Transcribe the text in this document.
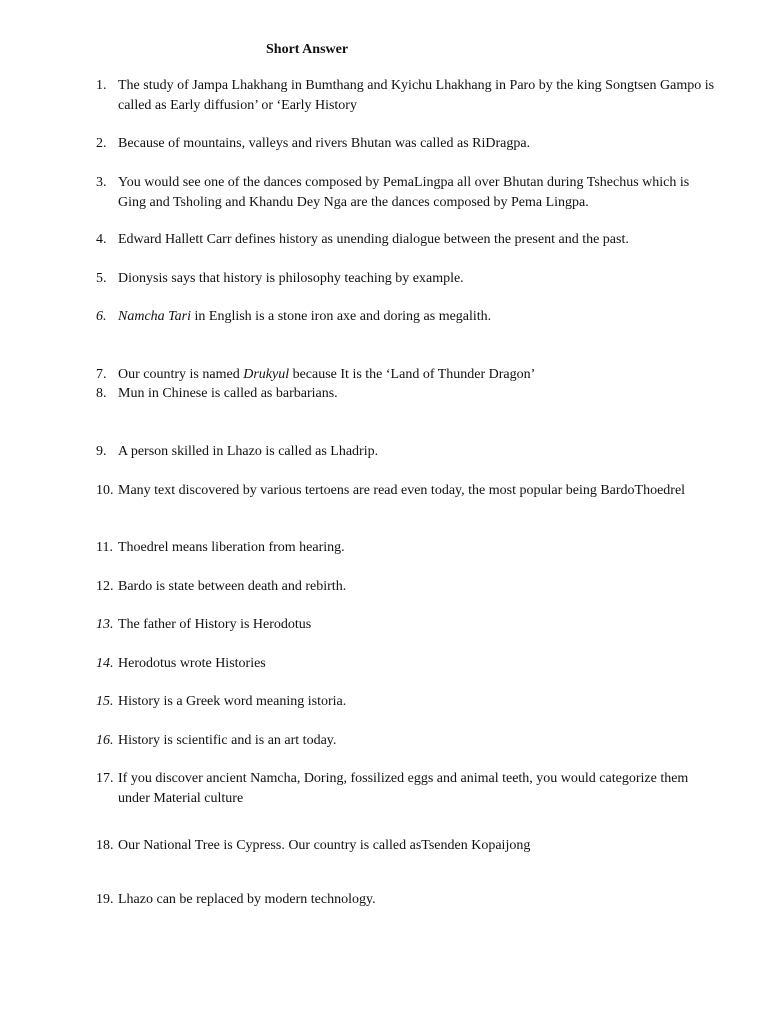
Short Answer
1. The study of Jampa Lhakhang in Bumthang and Kyichu Lhakhang in Paro by the king Songtsen Gampo is called as Early diffusion’ or ‘Early History
2. Because of mountains, valleys and rivers Bhutan was called as RiDragpa.
3. You would see one of the dances composed by PemaLingpa all over Bhutan during Tshechus which is Ging and Tsholing and Khandu Dey Nga are the dances composed by Pema Lingpa.
4. Edward Hallett Carr defines history as unending dialogue between the present and the past.
5. Dionysis says that history is philosophy teaching by example.
6. Namcha Tari in English is a stone iron axe and doring as megalith.
7. Our country is named Drukyul because It is the ‘Land of Thunder Dragon’
8. Mun in Chinese is called as barbarians.
9. A person skilled in Lhazo is called as Lhadrip.
10. Many text discovered by various tertoens are read even today, the most popular being BardoThoedrel
11. Thoedrel means liberation from hearing.
12. Bardo is state between death and rebirth.
13. The father of History is Herodotus
14. Herodotus wrote Histories
15. History is a Greek word meaning istoria.
16. History is scientific and is an art today.
17. If you discover ancient Namcha, Doring, fossilized eggs and animal teeth, you would categorize them under Material culture
18. Our National Tree is Cypress. Our country is called asTsenden Kopaijong
19. Lhazo can be replaced by modern technology.
